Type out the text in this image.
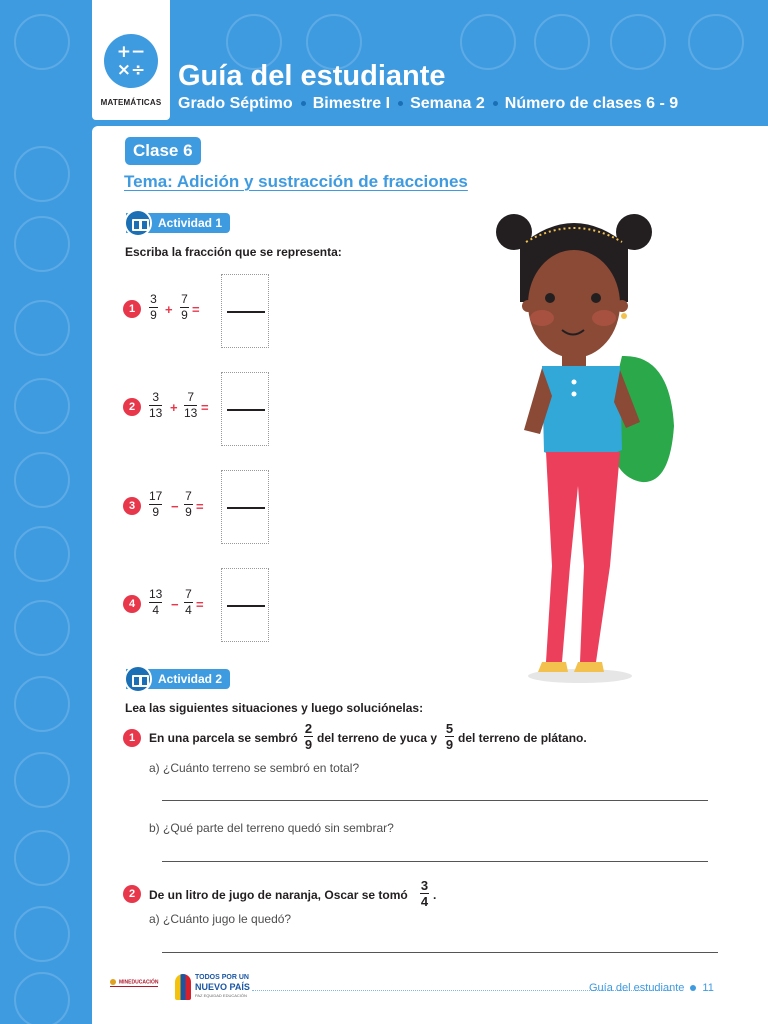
+−
×÷
MATEMÁTICAS
Guía del estudiante
Grado Séptimo Bimestre I Semana 2 Número de clases 6 - 9
Clase 6
Tema: Adición y sustracción de fracciones
Actividad 1
Escriba la fracción que se representa:
1
3
9 +
7
9 =
2
3
13 +
7
13 =
3
17
9 −
7
9 =
4
13
4 −
7
4 =
Actividad 2
Lea las siguientes situaciones y luego soluciónelas:
1	En una parcela se sembró
2
9 del terreno de yuca y
5
9 del terreno de plátano.
a) ¿Cuánto terreno se sembró en total?
b) ¿Qué parte del terreno quedó sin sembrar?
2	De un litro de jugo de naranja, Oscar se tomó
3
4 .
a) ¿Cuánto jugo le quedó?
MINEDUCACIÓN
TODOS POR UN
NUEVO PAÍS
PAZ EQUIDAD EDUCACIÓN
Guía del estudiante 11
